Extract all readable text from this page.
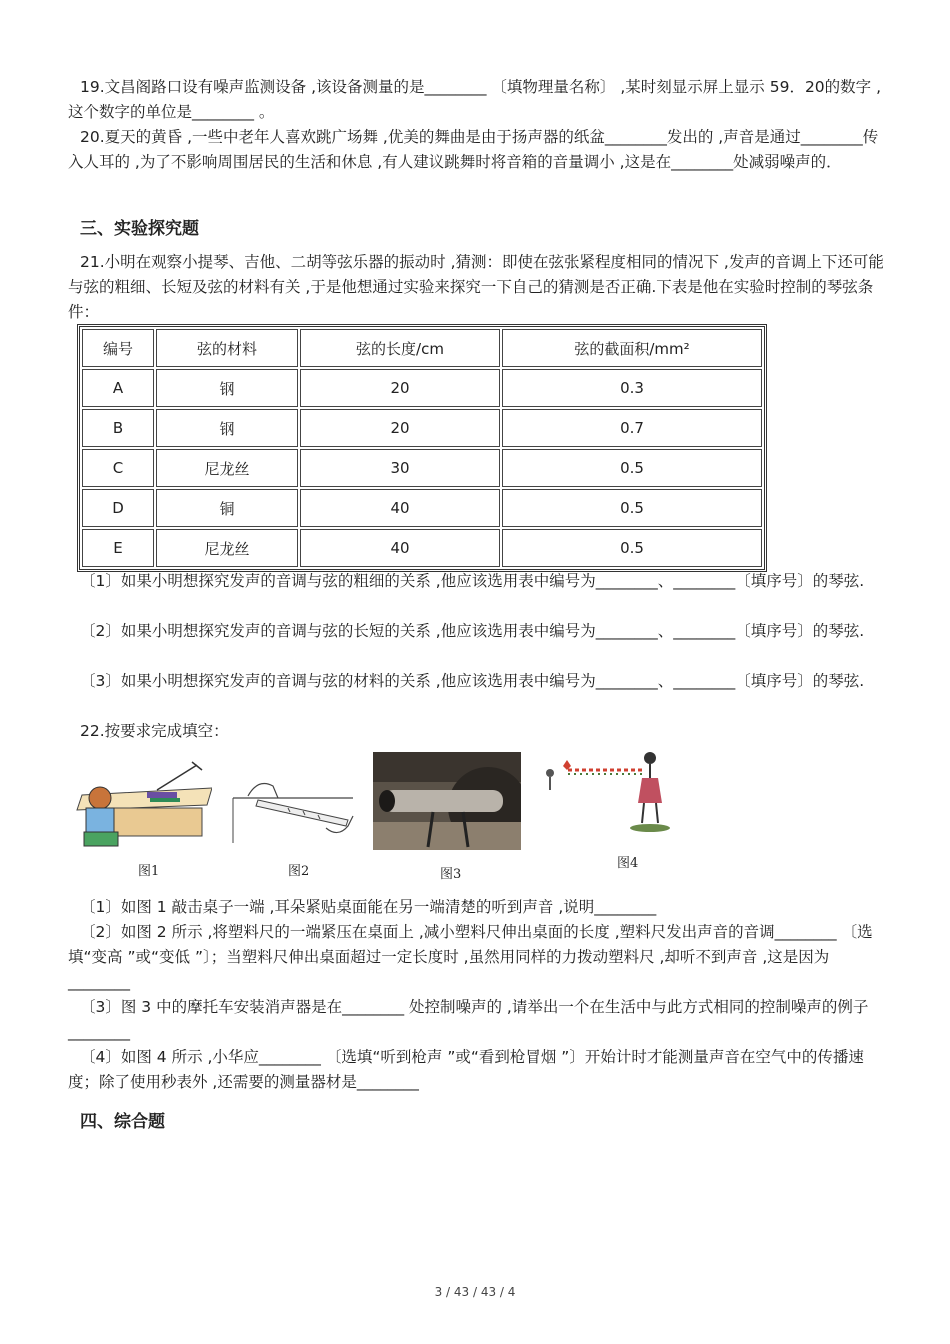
19.文昌阁路口设有噪声监测设备 ,该设备测量的是________ 〔填物理量名称〕 ,某时刻显示屏上显示 59．20的数字 ,这个数字的单位是________ 。

20.夏天的黄昏 ,一些中老年人喜欢跳广场舞 ,优美的舞曲是由于扬声器的纸盆________发出的 ,声音是通过________传入人耳的 ,为了不影响周围居民的生活和休息 ,有人建议跳舞时将音箱的音量调小 ,这是在________处减弱噪声的．

三、实验探究题

21.小明在观察小提琴、吉他、二胡等弦乐器的振动时 ,猜测：即使在弦张紧程度相同的情况下 ,发声的音调上下还可能与弦的粗细、长短及弦的材料有关 ,于是他想通过实验来探究一下自己的猜测是否正确.下表是他在实验时控制的琴弦条件：

编号	弦的材料	弦的长度/cm	弦的截面积/mm²
A	钢	20	0.3
B	钢	20	0.7
C	尼龙丝	30	0.5
D	铜	40	0.5
E	尼龙丝	40	0.5

〔1〕如果小明想探究发声的音调与弦的粗细的关系 ,他应该选用表中编号为________、________〔填序号〕的琴弦.

〔2〕如果小明想探究发声的音调与弦的长短的关系 ,他应该选用表中编号为________、________〔填序号〕的琴弦.

〔3〕如果小明想探究发声的音调与弦的材料的关系 ,他应该选用表中编号为________、________〔填序号〕的琴弦.

22.按要求完成填空：

图1	图2	图3
图4

〔1〕如图 1 敲击桌子一端 ,耳朵紧贴桌面能在另一端清楚的听到声音 ,说明________

〔2〕如图 2 所示 ,将塑料尺的一端紧压在桌面上 ,减小塑料尺伸出桌面的长度 ,塑料尺发出声音的音调________ 〔选填“变高 ”或“变低 ”〕；当塑料尺伸出桌面超过一定长度时 ,虽然用同样的力拨动塑料尺 ,却听不到声音 ,这是因为________

〔3〕图 3 中的摩托车安装消声器是在________ 处控制噪声的 ,请举出一个在生活中与此方式相同的控制噪声的例子________

〔4〕如图 4 所示 ,小华应________ 〔选填“听到枪声 ”或“看到枪冒烟 ”〕开始计时才能测量声音在空气中的传播速度；除了使用秒表外 ,还需要的测量器材是________

四、综合题

3 / 43 / 43 / 4
